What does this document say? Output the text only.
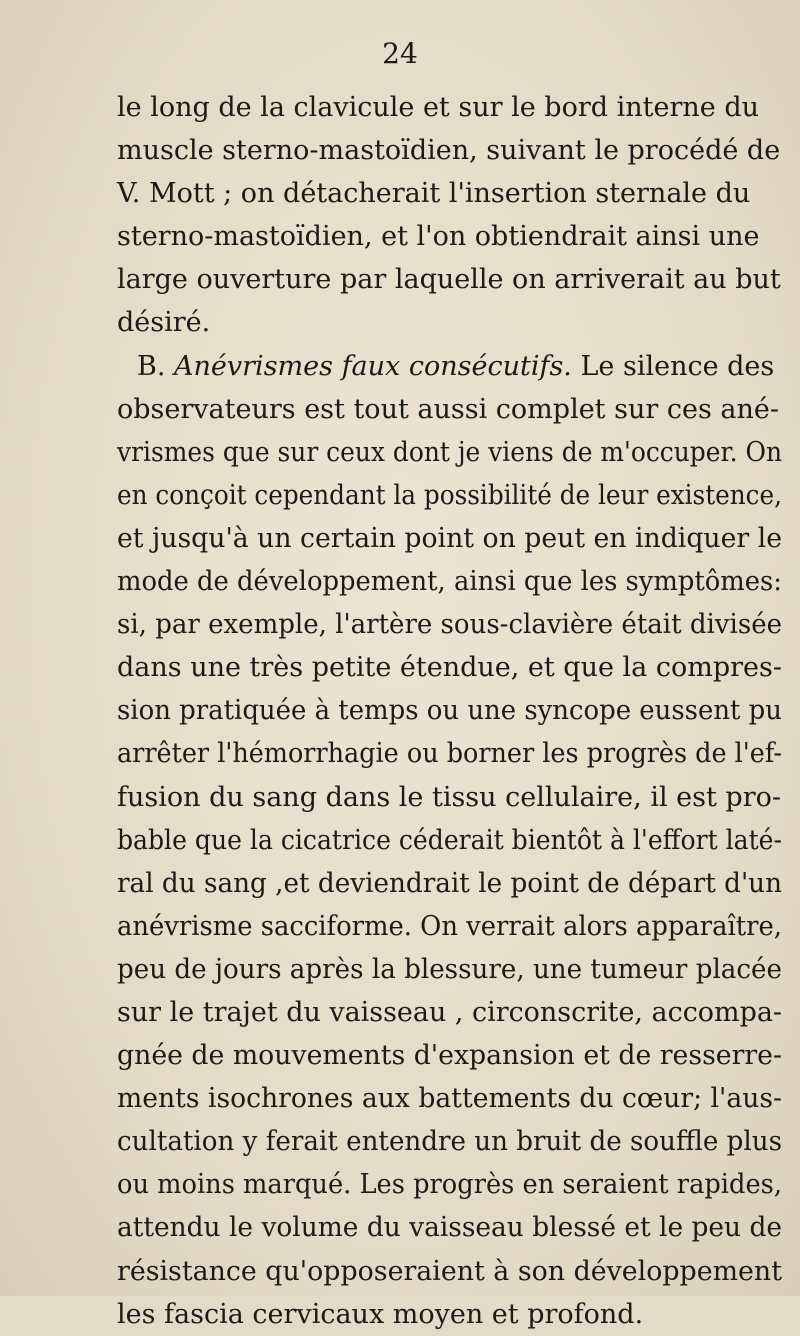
24
le long de la clavicule et sur le bord interne du
muscle sterno-mastoïdien, suivant le procédé de
V. Mott ; on détacherait l'insertion sternale du
sterno-mastoïdien, et l'on obtiendrait ainsi une
large ouverture par laquelle on arriverait au but
désiré.
B. Anévrismes faux consécutifs. Le silence des
observateurs est tout aussi complet sur ces ané-
vrismes que sur ceux dont je viens de m'occuper. On
en conçoit cependant la possibilité de leur existence,
et jusqu'à un certain point on peut en indiquer le
mode de développement, ainsi que les symptômes:
si, par exemple, l'artère sous-clavière était divisée
dans une très petite étendue, et que la compres-
sion pratiquée à temps ou une syncope eussent pu
arrêter l'hémorrhagie ou borner les progrès de l'ef-
fusion du sang dans le tissu cellulaire, il est pro-
bable que la cicatrice céderait bientôt à l'effort laté-
ral du sang ,et deviendrait le point de départ d'un
anévrisme sacciforme. On verrait alors apparaître,
peu de jours après la blessure, une tumeur placée
sur le trajet du vaisseau , circonscrite, accompa-
gnée de mouvements d'expansion et de resserre-
ments isochrones aux battements du cœur; l'aus-
cultation y ferait entendre un bruit de souffle plus
ou moins marqué. Les progrès en seraient rapides,
attendu le volume du vaisseau blessé et le peu de
résistance qu'opposeraient à son développement
les fascia cervicaux moyen et profond.
